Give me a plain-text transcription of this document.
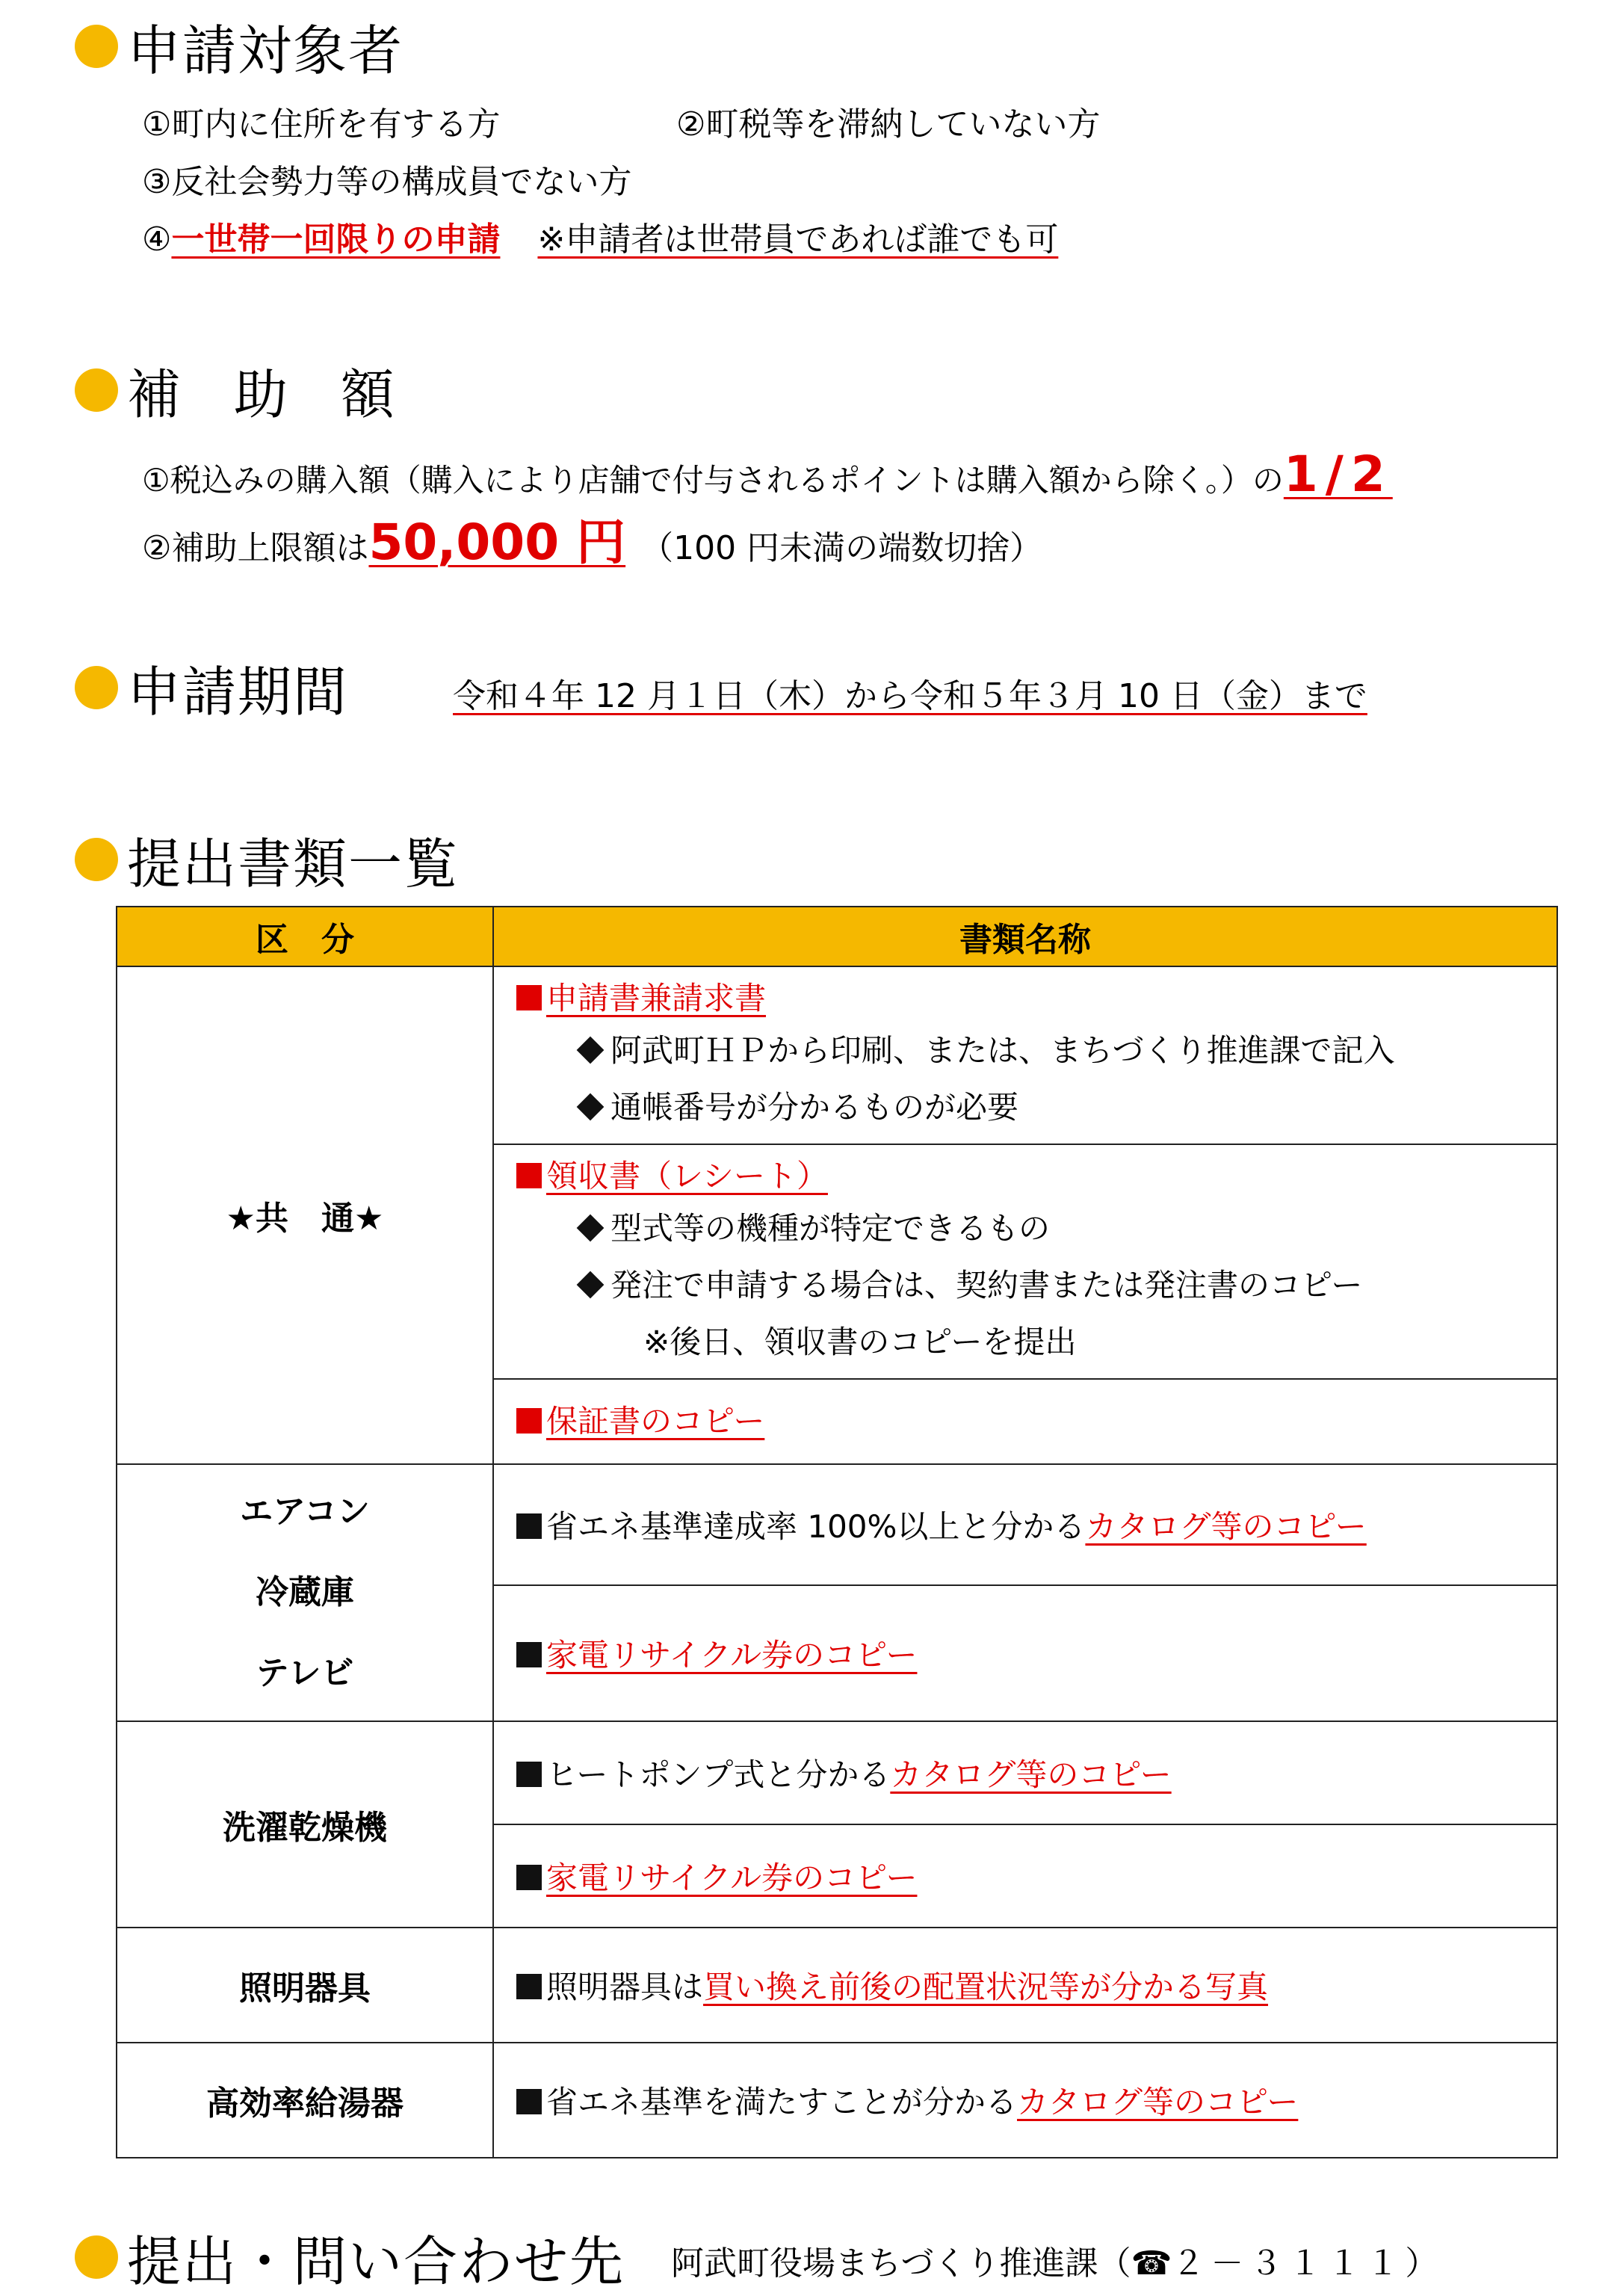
申請対象者
①町内に住所を有する方	②町税等を滞納していない方
③反社会勢力等の構成員でない方
④一世帯一回限りの申請 ※申請者は世帯員であれば誰でも可
補 助 額
①税込みの購入額（購入により店舗で付与されるポイントは購入額から除く。）の1/2
②補助上限額は50,000 円 （100 円未満の端数切捨）
申請期間	令和４年 12 月１日（木）から令和５年３月 10 日（金）まで
提出書類一覧
区　分	書類名称
★共　通★	申請書兼請求書
阿武町ＨＰから印刷、または、まちづくり推進課で記入
通帳番号が分かるものが必要

	領収書（レシート）
型式等の機種が特定できるもの
発注で申請する場合は、契約書または発注書のコピー
※後日、領収書のコピーを提出

	保証書のコピー

エアコン
冷蔵庫
テレビ	省エネ基準達成率 100%以上と分かるカタログ等のコピー
	家電リサイクル券のコピー
洗濯乾燥機	ヒートポンプ式と分かるカタログ等のコピー
	家電リサイクル券のコピー
照明器具	照明器具は買い換え前後の配置状況等が分かる写真
高効率給湯器	省エネ基準を満たすことが分かるカタログ等のコピー
提出・問い合わせ先 阿武町役場まちづくり推進課（☎２－３１１１）
